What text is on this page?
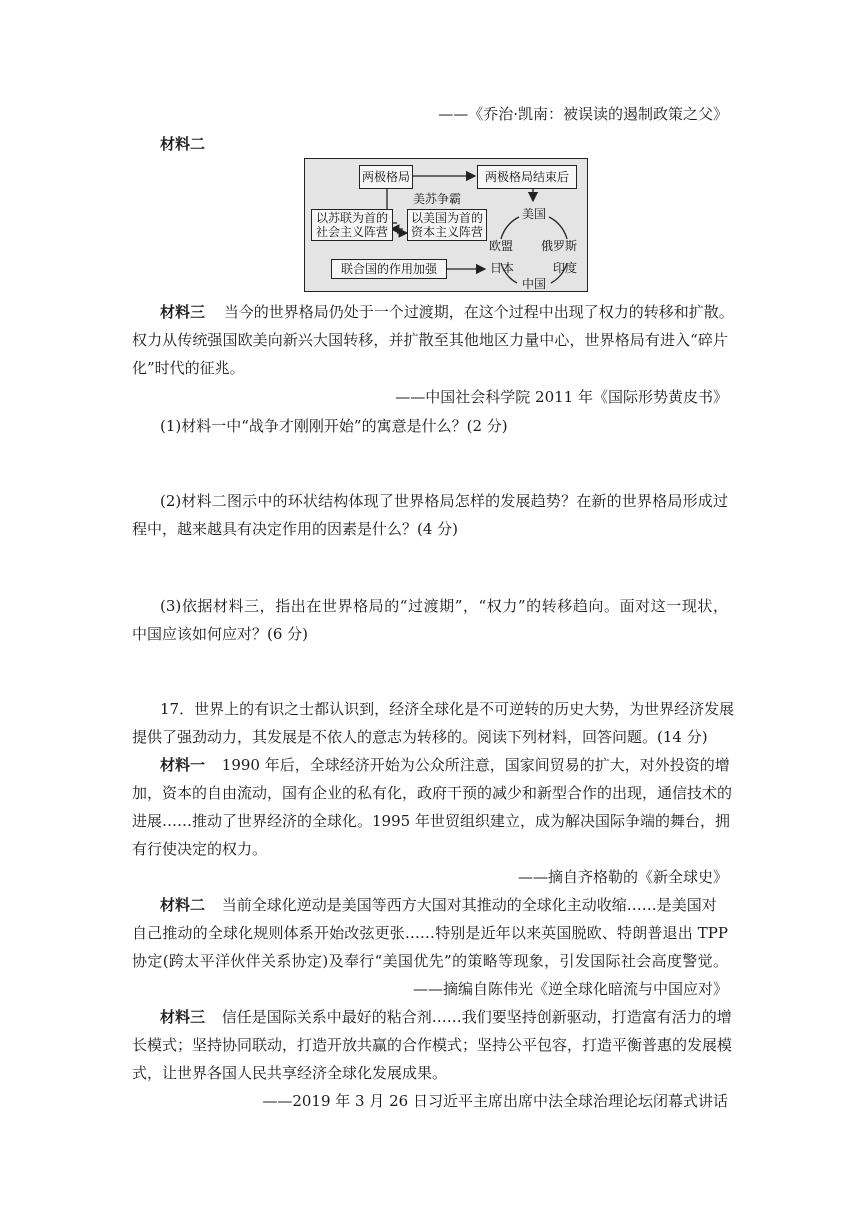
——《乔治·凯南：被误读的遏制政策之父》
材料二
两极格局	两极格局结束后
美苏争霸
以苏联为首的
社会主义阵营
以美国为首的
资本主义阵营
联合国的作用加强
美国
欧盟 俄罗斯
日本	印度
中国
材料三 当今的世界格局仍处于一个过渡期，在这个过程中出现了权力的转移和扩散。
权力从传统强国欧美向新兴大国转移，并扩散至其他地区力量中心，世界格局有进入“碎片
化”时代的征兆。
——中国社会科学院 2011 年《国际形势黄皮书》
(1)材料一中“战争才刚刚开始”的寓意是什么？(2 分)
(2)材料二图示中的环状结构体现了世界格局怎样的发展趋势？在新的世界格局形成过
程中，越来越具有决定作用的因素是什么？(4 分)
(3)依据材料三，指出在世界格局的“过渡期”，“权力”的转移趋向。面对这一现状，
中国应该如何应对？(6 分)
17．世界上的有识之士都认识到，经济全球化是不可逆转的历史大势，为世界经济发展
提供了强劲动力，其发展是不依人的意志为转移的。阅读下列材料，回答问题。(14 分)
材料一 1990 年后，全球经济开始为公众所注意，国家间贸易的扩大，对外投资的增
加，资本的自由流动，国有企业的私有化，政府干预的减少和新型合作的出现，通信技术的
进展……推动了世界经济的全球化。1995 年世贸组织建立，成为解决国际争端的舞台，拥
有行使决定的权力。
——摘自齐格勒的《新全球史》
材料二 当前全球化逆动是美国等西方大国对其推动的全球化主动收缩……是美国对
自己推动的全球化规则体系开始改弦更张……特别是近年以来英国脱欧、特朗普退出 TPP
协定(跨太平洋伙伴关系协定)及奉行“美国优先”的策略等现象，引发国际社会高度警觉。
——摘编自陈伟光《逆全球化暗流与中国应对》
材料三 信任是国际关系中最好的粘合剂……我们要坚持创新驱动，打造富有活力的增
长模式；坚持协同联动，打造开放共赢的合作模式；坚持公平包容，打造平衡普惠的发展模
式，让世界各国人民共享经济全球化发展成果。
——2019 年 3 月 26 日习近平主席出席中法全球治理论坛闭幕式讲话
